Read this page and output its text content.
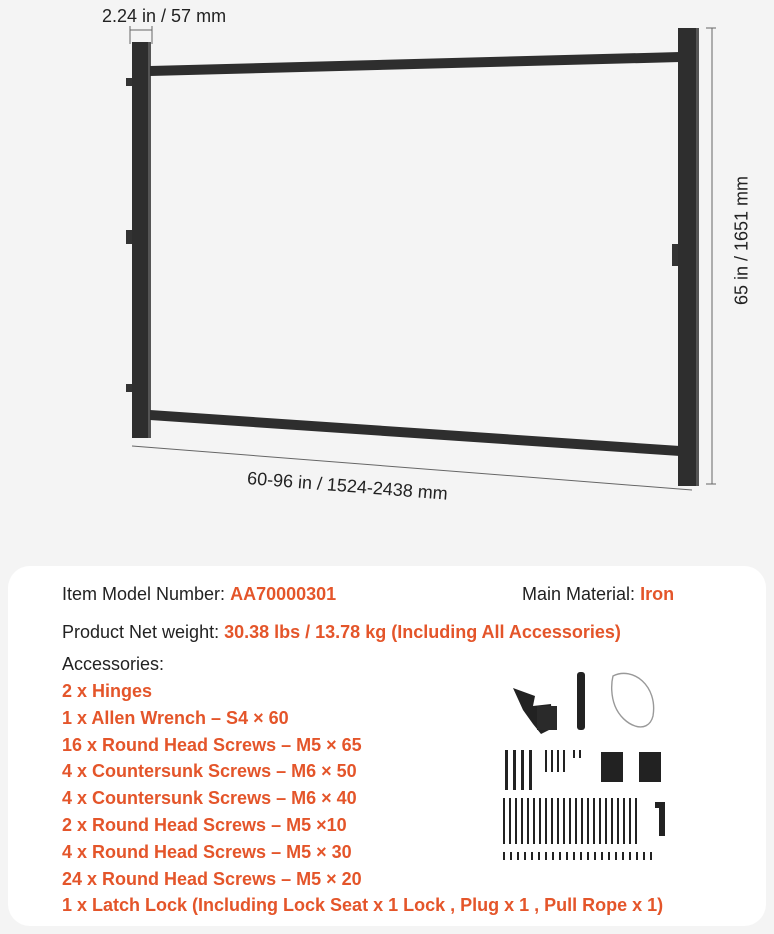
2.24 in / 57 mm
60-96 in / 1524-2438 mm
65 in / 1651 mm
Item Model Number: AA70000301	Main Material: Iron
Product Net weight: 30.38 lbs / 13.78 kg (Including All Accessories)
Accessories:
2 x Hinges
1 x Allen Wrench – S4 × 60
16 x Round Head Screws – M5 × 65
4 x Countersunk Screws – M6 × 50
4 x Countersunk Screws – M6 × 40
2 x Round Head Screws – M5 ×10
4 x Round Head Screws – M5 × 30
24 x Round Head Screws – M5 × 20
1 x Latch Lock (Including Lock Seat x 1 Lock , Plug x 1 , Pull Rope x 1)
